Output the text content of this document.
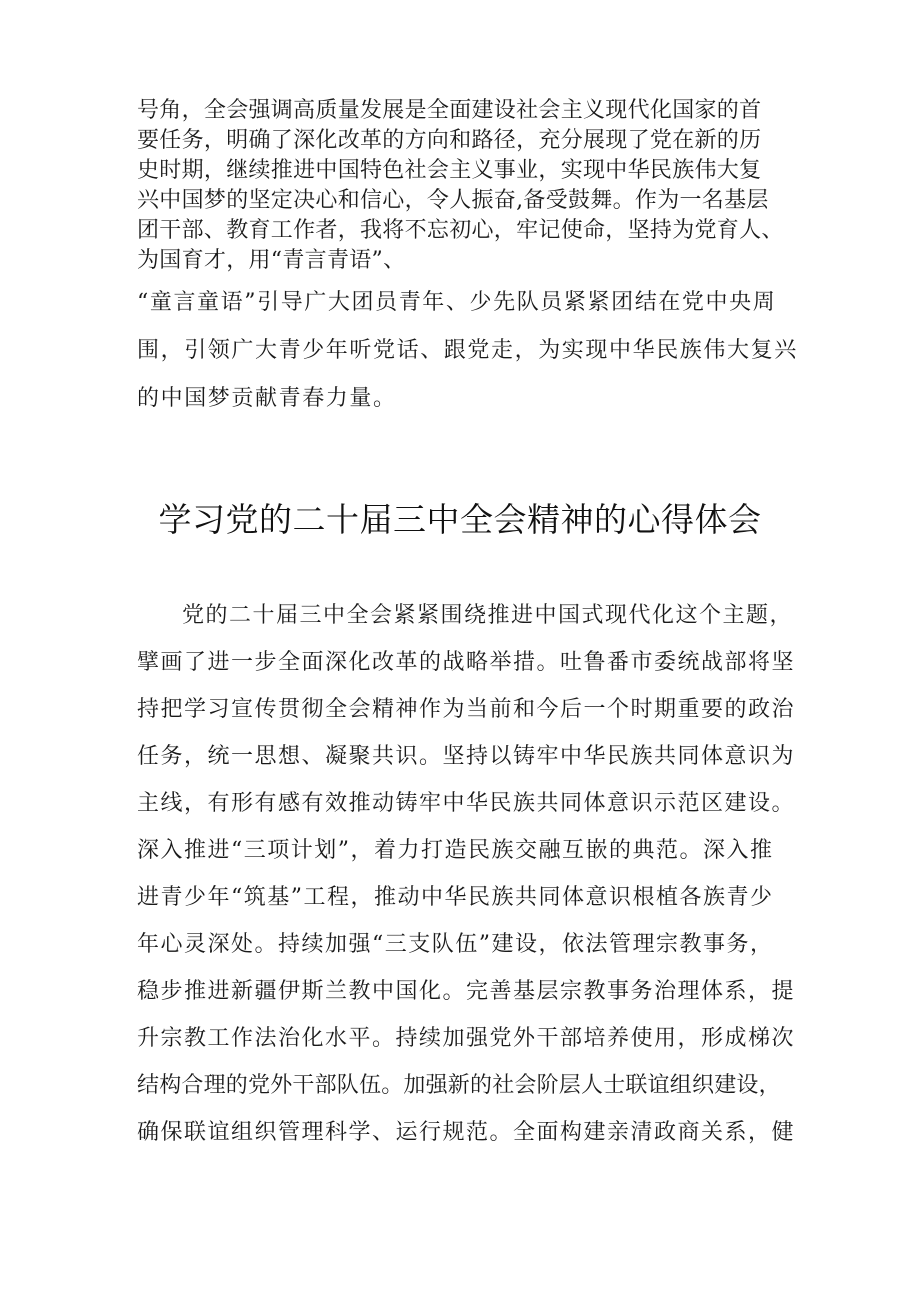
号角，全会强调高质量发展是全面建设社会主义现代化国家的首
要任务，明确了深化改革的方向和路径，充分展现了党在新的历
史时期，继续推进中国特色社会主义事业，实现中华民族伟大复
兴中国梦的坚定决心和信心，令人振奋,备受鼓舞。作为一名基层
团干部、教育工作者，我将不忘初心，牢记使命，坚持为党育人、
为国育才，用“青言青语”、
“童言童语”引导广大团员青年、少先队员紧紧团结在党中央周
围，引领广大青少年听党话、跟党走，为实现中华民族伟大复兴
的中国梦贡献青春力量。
学习党的二十届三中全会精神的心得体会
党的二十届三中全会紧紧围绕推进中国式现代化这个主题，
擘画了进一步全面深化改革的战略举措。吐鲁番市委统战部将坚
持把学习宣传贯彻全会精神作为当前和今后一个时期重要的政治
任务，统一思想、凝聚共识。坚持以铸牢中华民族共同体意识为
主线，有形有感有效推动铸牢中华民族共同体意识示范区建设。
深入推进“三项计划”，着力打造民族交融互嵌的典范。深入推
进青少年“筑基”工程，推动中华民族共同体意识根植各族青少
年心灵深处。持续加强“三支队伍”建设，依法管理宗教事务，
稳步推进新疆伊斯兰教中国化。完善基层宗教事务治理体系，提
升宗教工作法治化水平。持续加强党外干部培养使用，形成梯次
结构合理的党外干部队伍。加强新的社会阶层人士联谊组织建设，
确保联谊组织管理科学、运行规范。全面构建亲清政商关系，健
